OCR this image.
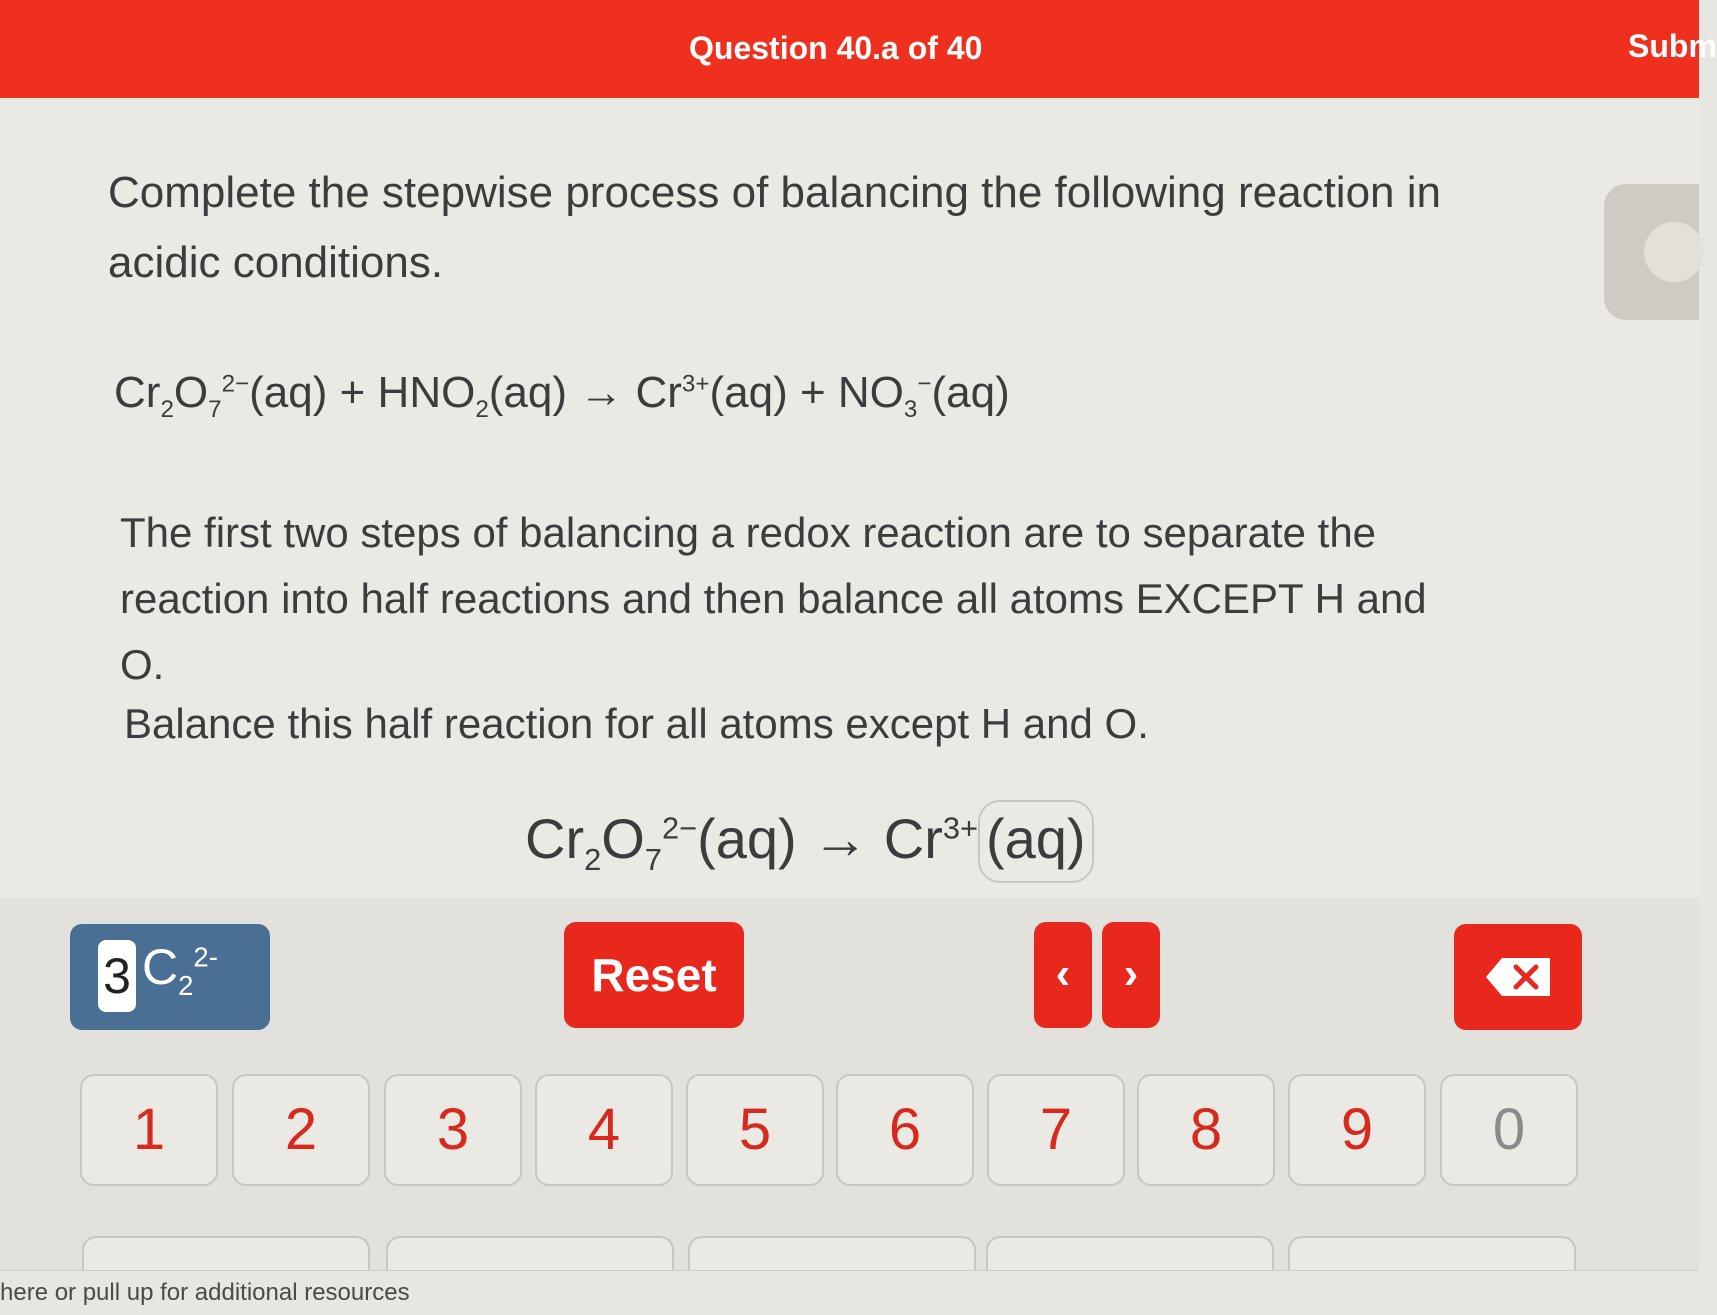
Question 40.a of 40	Subm
Complete the stepwise process of balancing the following reaction in
acidic conditions.
$Cr_2O_7^{2-}(aq) + HNO_2(aq) \to Cr^{3+}(aq) + NO_3^-(aq)$
The first two steps of balancing a redox reaction are to separate the
reaction into half reactions and then balance all atoms EXCEPT H and
O.
Balance this half reaction for all atoms except H and O.
$Cr_2O_7^{2-}(aq) \to Cr^{3+}$ (aq)
3 $C_2^{2-}$	Reset	‹	›
1	2	3	4	5	6	7	8	9	0
here or pull up for additional resources
